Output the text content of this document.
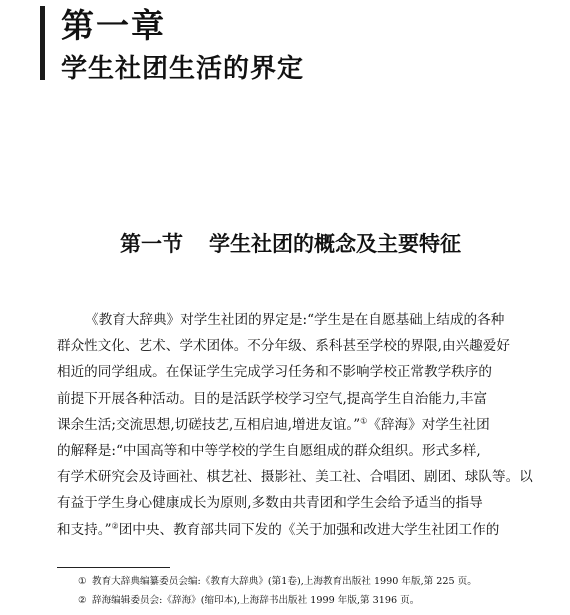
第一章
学生社团生活的界定
第一节 学生社团的概念及主要特征
《教育大辞典》对学生社团的界定是:“学生是在自愿基础上结成的各种
群众性文化、艺术、学术团体。不分年级、系科甚至学校的界限,由兴趣爱好
相近的同学组成。在保证学生完成学习任务和不影响学校正常教学秩序的
前提下开展各种活动。目的是活跃学校学习空气,提高学生自治能力,丰富
课余生活;交流思想,切磋技艺,互相启迪,增进友谊。”①《辞海》对学生社团
的解释是:“中国高等和中等学校的学生自愿组成的群众组织。形式多样,
有学术研究会及诗画社、棋艺社、摄影社、美工社、合唱团、剧团、球队等。以
有益于学生身心健康成长为原则,多数由共青团和学生会给予适当的指导
和支持。”②团中央、教育部共同下发的《关于加强和改进大学生社团工作的
① 教育大辞典编纂委员会编:《教育大辞典》(第1卷),上海教育出版社 1990 年版,第 225 页。
② 辞海编辑委员会:《辞海》(缩印本),上海辞书出版社 1999 年版,第 3196 页。
